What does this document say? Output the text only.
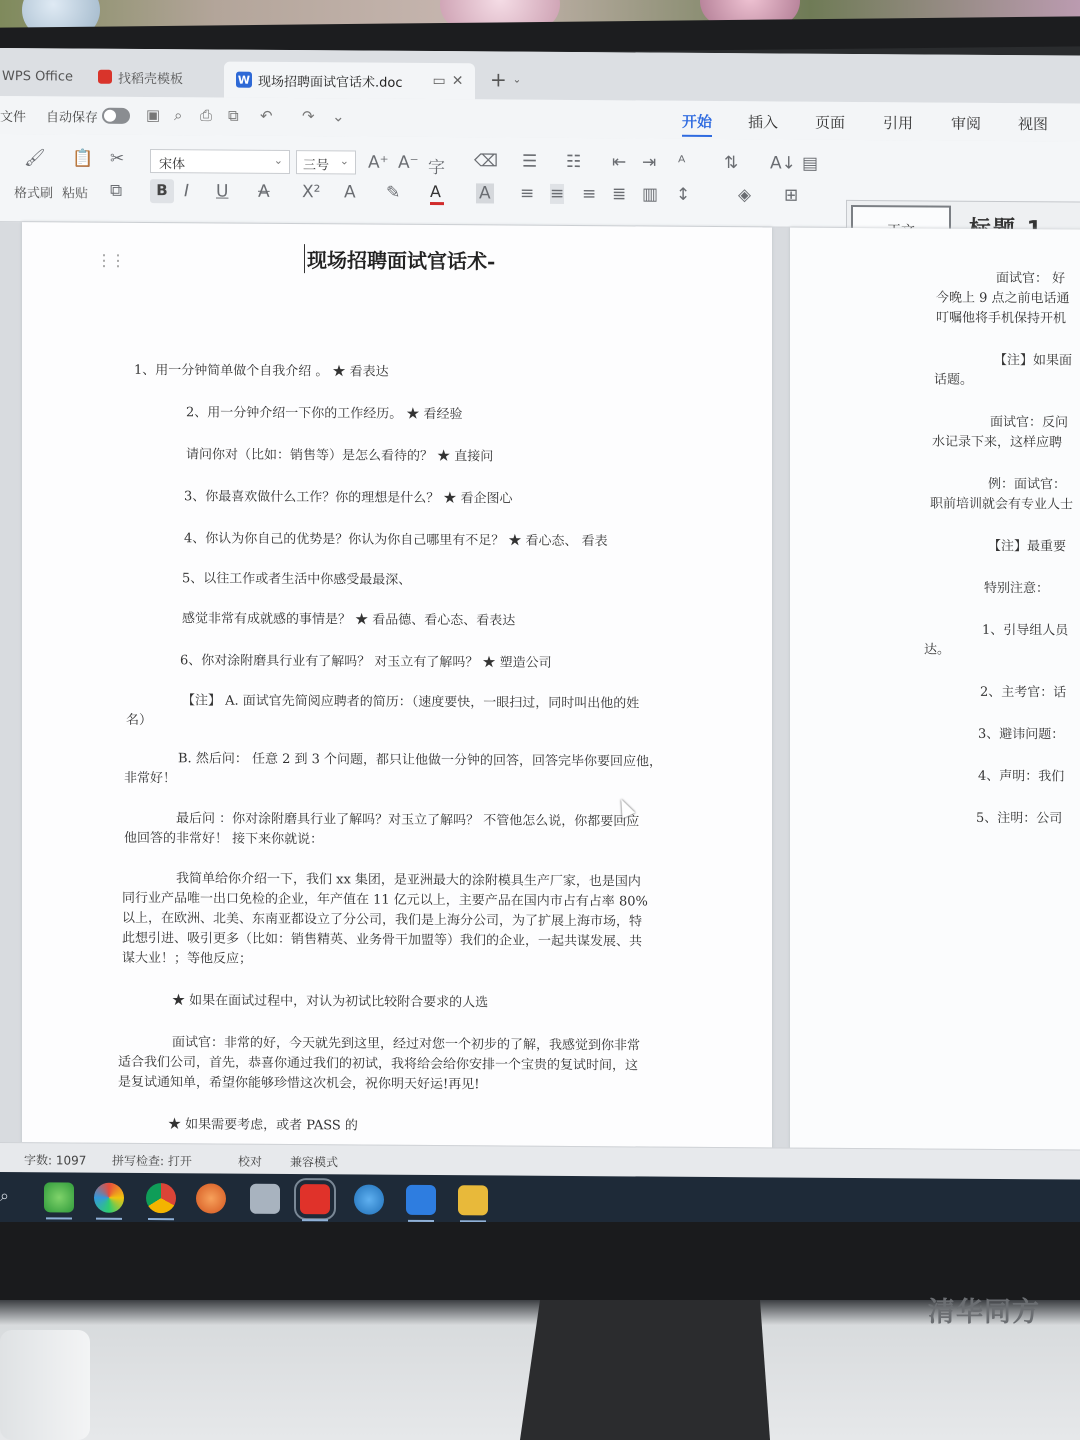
WPS Office	找稻壳模板	W 现场招聘面试官话术.doc ▭ ✕ + ⌄
文件 自动保存	▣ ⌕ ⎙ ⧉ ↶ ↷ ⌄	开始 插入 页面	引用	审阅 视图
🖌
格式刷
📋
粘贴
✂
⧉
宋体	⌄	三号 ⌄ A⁺ A⁻ 字 ⌫
B I U A X² A ✎ A A
☰ ☷ ⇤ ⇥ ᴬ ⇅ A↓ ▤
≡ ≡ ≡ ≣ ▥ ↕	◈ ⊞
⋮⋮	现场招聘面试官话术-
1、用一分钟简单做个自我介绍 。 ★ 看表达
2、用一分钟介绍一下你的工作经历。 ★ 看经验
请问你对（比如：销售等）是怎么看待的？ ★ 直接问
3、你最喜欢做什么工作？你的理想是什么？ ★ 看企图心
4、你认为你自己的优势是？你认为你自己哪里有不足？ ★ 看心态、 看表
5、以往工作或者生活中你感受最最深、
感觉非常有成就感的事情是？ ★ 看品德、看心态、看表达
6、你对涂附磨具行业有了解吗？ 对玉立有了解吗？ ★ 塑造公司
【注】 A. 面试官先简阅应聘者的简历：（速度要快，一眼扫过，同时叫出他的姓
名）
B. 然后问： 任意 2 到 3 个问题，都只让他做一分钟的回答，回答完毕你要回应他，
非常好！
最后问 ：你对涂附磨具行业了解吗？对玉立了解吗？ 不管他怎么说，你都要回应
他回答的非常好！ 接下来你就说：
我简单给你介绍一下，我们 xx 集团，是亚洲最大的涂附模具生产厂家，也是国内
同行业产品唯一出口免检的企业，年产值在 11 亿元以上，主要产品在国内市占有占率 80%
以上，在欧洲、北美、东南亚都设立了分公司，我们是上海分公司，为了扩展上海市场，特
此想引进、吸引更多（比如：销售精英、业务骨干加盟等）我们的企业，一起共谋发展、共
谋大业！；等他反应；
★ 如果在面试过程中，对认为初试比较附合要求的人选
面试官：非常的好，今天就先到这里，经过对您一个初步的了解，我感觉到你非常
适合我们公司，首先，恭喜你通过我们的初试，我将给会给你安排一个宝贵的复试时间，这
是复试通知单，希望你能够珍惜这次机会，祝你明天好运!再见!
★ 如果需要考虑，或者 PASS 的
面试官： 好
今晚上 9 点之前电话通
叮嘱他将手机保持开机
【注】如果面
话题。
面试官：反问
水记录下来，这样应聘
例：面试官：
职前培训就会有专业人士
【注】最重要
特别注意：
1、引导组人员
达。
2、主考官：话
3、避讳问题：
4、声明：我们
5、注明：公司
字数: 1097 拼写检查: 打开	校对 兼容模式
⌕
清华同方
